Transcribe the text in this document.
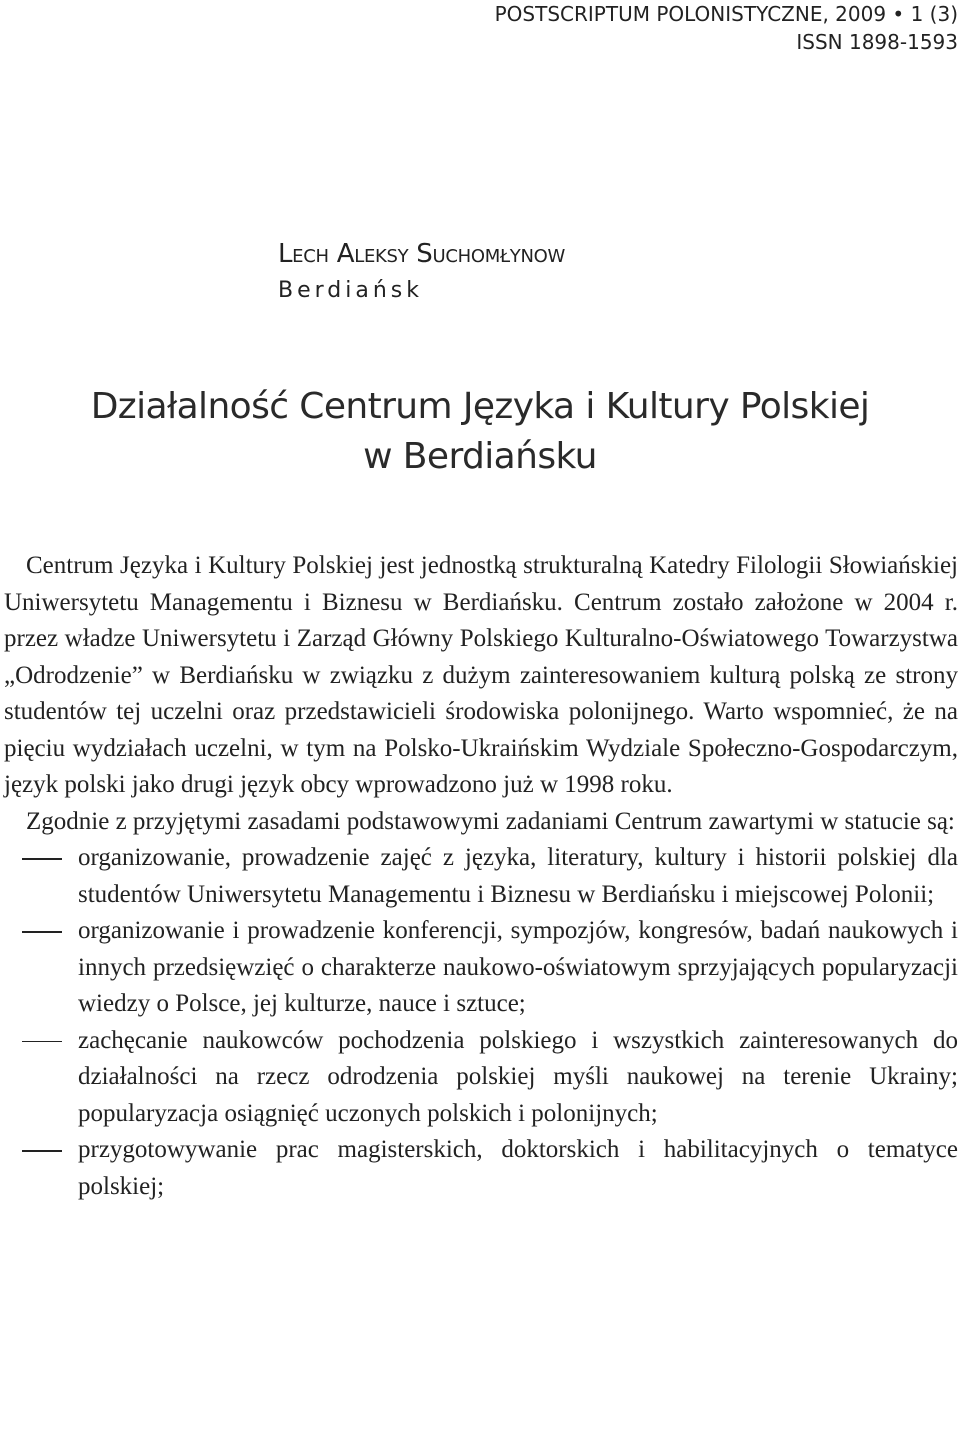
POSTSCRIPTUM POLONISTYCZNE, 2009 • 1 (3)
ISSN 1898-1593
Lech Aleksy Suchomłynow
Berdiańsk
Działalność Centrum Języka i Kultury Polskiej
w Berdiańsku

Centrum Języka i Kultury Polskiej jest jednostką strukturalną Katedry Filologii Słowiańskiej Uniwersytetu Managementu i Biznesu w Berdiańsku. Centrum zostało założone w 2004 r. przez władze Uniwersytetu i Zarząd Główny Polskiego Kulturalno-Oświatowego Towarzystwa „Odrodzenie” w Berdiańsku w związku z dużym zainteresowaniem kulturą polską ze strony studentów tej uczelni oraz przedstawicieli środowiska polonijnego. Warto wspomnieć, że na pięciu wydziałach uczelni, w tym na Polsko-Ukraińskim Wydziale Społeczno-Gospodarczym, język polski jako drugi język obcy wprowadzono już w 1998 roku.

Zgodnie z przyjętymi zasadami podstawowymi zadaniami Centrum zawartymi w statucie są:

organizowanie, prowadzenie zajęć z języka, literatury, kultury i historii polskiej dla studentów Uniwersytetu Managementu i Biznesu w Berdiańsku i miejscowej Polonii;
organizowanie i prowadzenie konferencji, sympozjów, kongresów, badań naukowych i innych przedsięwzięć o charakterze naukowo-oświatowym sprzyjających popularyzacji wiedzy o Polsce, jej kulturze, nauce i sztuce;
zachęcanie naukowców pochodzenia polskiego i wszystkich zainteresowanych do działalności na rzecz odrodzenia polskiej myśli naukowej na terenie Ukrainy; popularyzacja osiągnięć uczonych polskich i polonijnych;
przygotowywanie prac magisterskich, doktorskich i habilitacyjnych o tematyce polskiej;
